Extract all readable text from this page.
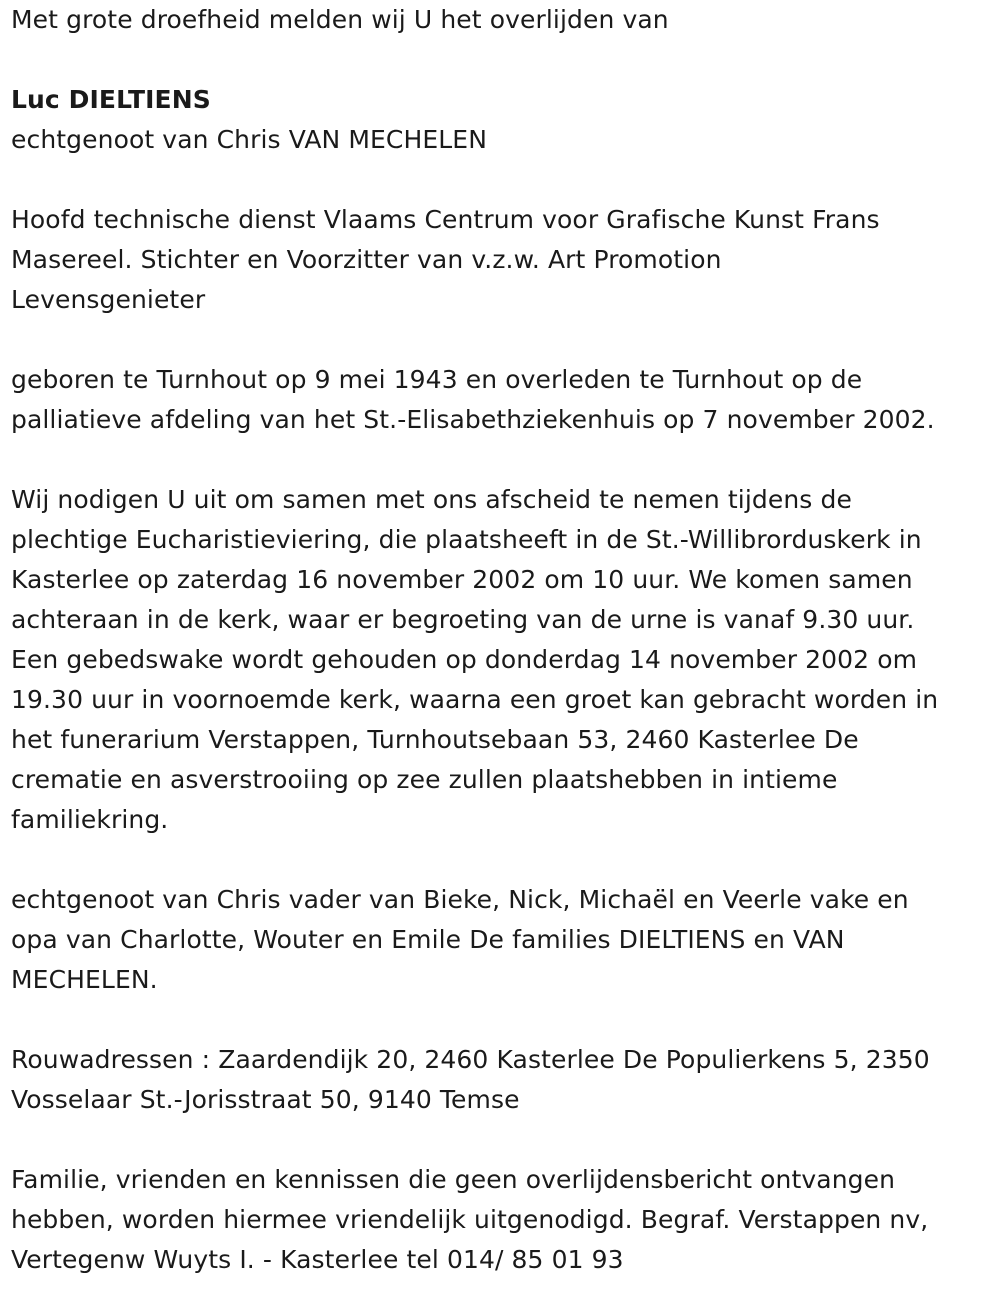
Met grote droefheid melden wij U het overlijden van
Luc DIELTIENS
echtgenoot van Chris VAN MECHELEN
Hoofd technische dienst Vlaams Centrum voor Grafische Kunst Frans
Masereel. Stichter en Voorzitter van v.z.w. Art Promotion
Levensgenieter
geboren te Turnhout op 9 mei 1943 en overleden te Turnhout op de
palliatieve afdeling van het St.-Elisabethziekenhuis op 7 november 2002.
Wij nodigen U uit om samen met ons afscheid te nemen tijdens de
plechtige Eucharistieviering, die plaatsheeft in de St.-Willibrorduskerk in
Kasterlee op zaterdag 16 november 2002 om 10 uur. We komen samen
achteraan in de kerk, waar er begroeting van de urne is vanaf 9.30 uur.
Een gebedswake wordt gehouden op donderdag 14 november 2002 om
19.30 uur in voornoemde kerk, waarna een groet kan gebracht worden in
het funerarium Verstappen, Turnhoutsebaan 53, 2460 Kasterlee De
crematie en asverstrooiing op zee zullen plaatshebben in intieme
familiekring.
echtgenoot van Chris vader van Bieke, Nick, Michaël en Veerle vake en
opa van Charlotte, Wouter en Emile De families DIELTIENS en VAN
MECHELEN.
Rouwadressen : Zaardendijk 20, 2460 Kasterlee De Populierkens 5, 2350
Vosselaar St.-Jorisstraat 50, 9140 Temse
Familie, vrienden en kennissen die geen overlijdensbericht ontvangen
hebben, worden hiermee vriendelijk uitgenodigd. Begraf. Verstappen nv,
Vertegenw Wuyts I. - Kasterlee tel 014/ 85 01 93
